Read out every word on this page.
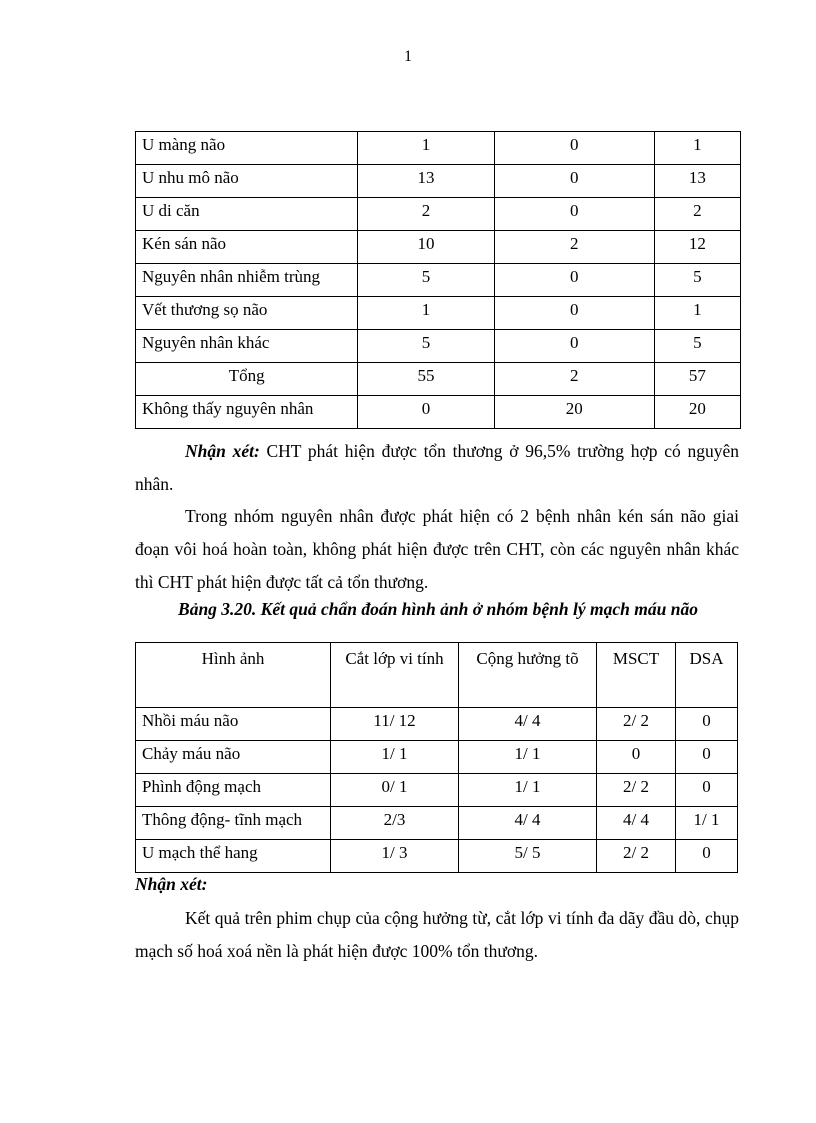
1
U màng não	1	0	1
U nhu mô não	13	0	13
U di căn	2	0	2
Kén sán não	10	2	12
Nguyên nhân nhiễm trùng	5	0	5
Vết thương sọ não	1	0	1
Nguyên nhân khác	5	0	5
Tổng	55	2	57
Không thấy nguyên nhân	0	20	20

Nhận xét: CHT phát hiện được tổn thương ở 96,5% trường hợp có nguyên nhân.

Trong nhóm nguyên nhân được phát hiện có 2 bệnh nhân kén sán não giai đoạn vôi hoá hoàn toàn, không phát hiện được trên CHT, còn các nguyên nhân khác thì CHT phát hiện được tất cả tổn thương.

Bảng 3.20. Kết quả chẩn đoán hình ảnh ở nhóm bệnh lý mạch máu não
Hình ảnh	Cắt lớp vi tính	Cộng hưởng tõ	MSCT	DSA
Nhồi máu não	11/ 12	4/ 4	2/ 2	0
Chảy máu não	1/ 1	1/ 1	0	0
Phình động mạch	0/ 1	1/ 1	2/ 2	0
Thông động- tĩnh mạch	2/3	4/ 4	4/ 4	1/ 1
U mạch thể hang	1/ 3	5/ 5	2/ 2	0
Nhận xét:

Kết quả trên phim chụp của cộng hưởng từ, cắt lớp vi tính đa dãy đầu dò, chụp mạch số hoá xoá nền là phát hiện được 100% tổn thương.
